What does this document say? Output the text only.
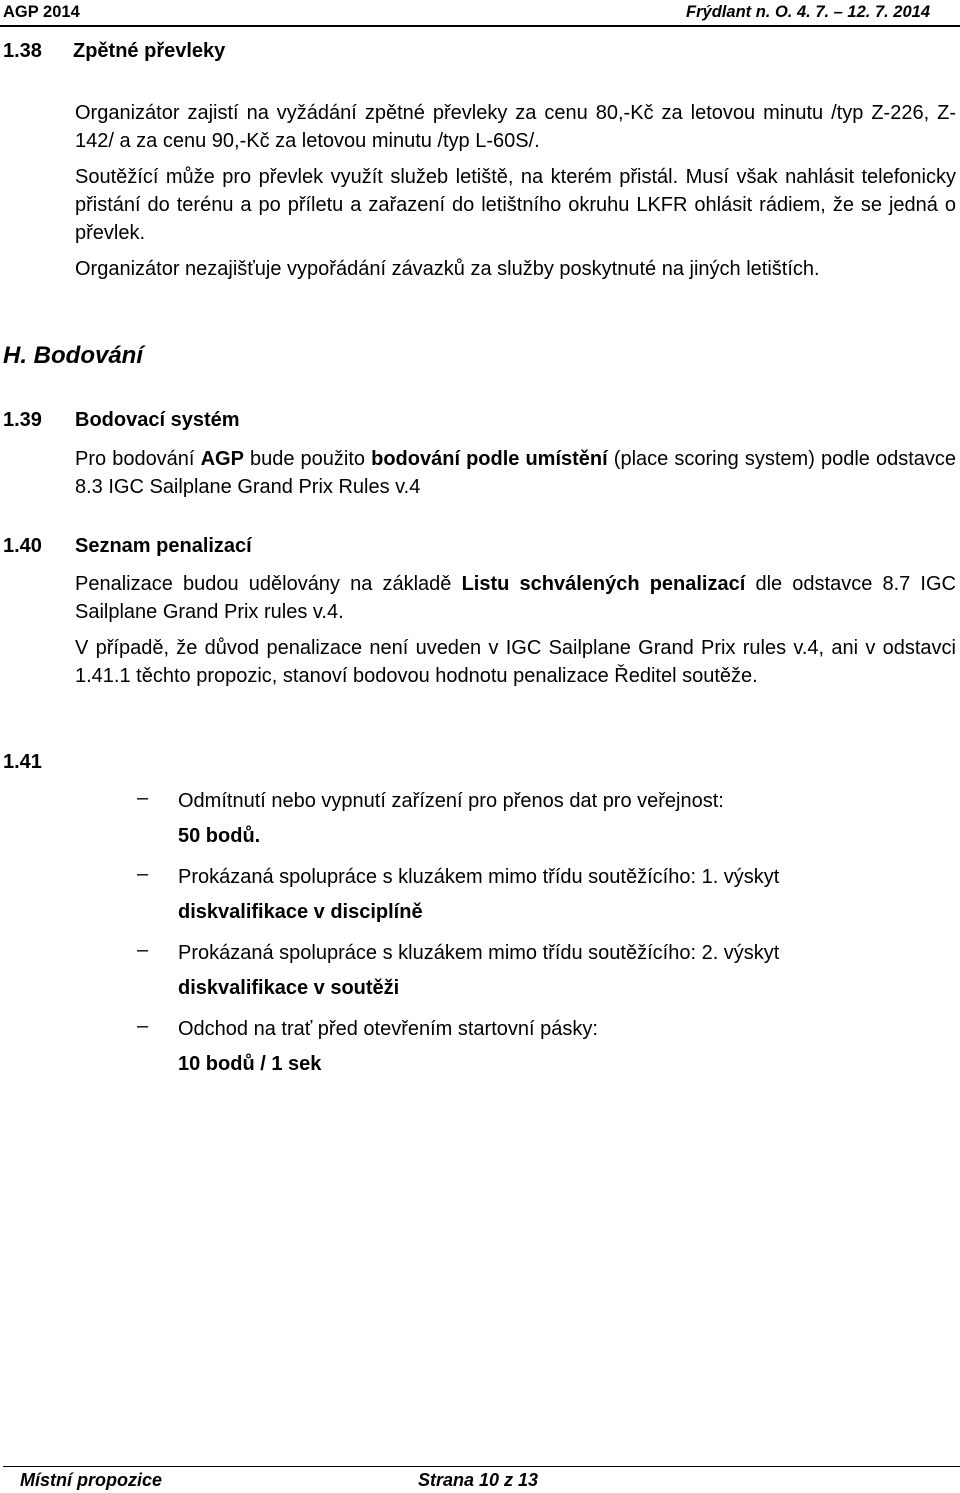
AGP 2014	Frýdlant n. O. 4. 7. – 12. 7. 2014
1.38 Zpětné převleky
Organizátor zajistí na vyžádání zpětné převleky za cenu 80,-Kč za letovou minutu /typ Z-226, Z-142/ a za cenu 90,-Kč za letovou minutu /typ L-60S/.
Soutěžící může pro převlek využít služeb letiště, na kterém přistál. Musí však nahlásit telefonicky přistání do terénu a po příletu a zařazení do letištního okruhu LKFR ohlásit rádiem, že se jedná o převlek.
Organizátor nezajišťuje vypořádání závazků za služby poskytnuté na jiných letištích.
H. Bodování
1.39 Bodovací systém
Pro bodování AGP bude použito bodování podle umístění (place scoring system) podle odstavce 8.3 IGC Sailplane Grand Prix Rules v.4
1.40 Seznam penalizací
Penalizace budou udělovány na základě Listu schválených penalizací dle odstavce 8.7 IGC Sailplane Grand Prix rules v.4.
V případě, že důvod penalizace není uveden v IGC Sailplane Grand Prix rules v.4, ani v odstavci 1.41.1 těchto propozic, stanoví bodovou hodnotu penalizace Ředitel soutěže.
1.41
– Odmítnutí nebo vypnutí zařízení pro přenos dat pro veřejnost:
50 bodů.
– Prokázaná spolupráce s kluzákem mimo třídu soutěžícího: 1. výskyt
diskvalifikace v disciplíně
– Prokázaná spolupráce s kluzákem mimo třídu soutěžícího: 2. výskyt
diskvalifikace v soutěži
– Odchod na trať před otevřením startovní pásky:
10 bodů / 1 sek
Místní propozice	Strana 10 z 13
